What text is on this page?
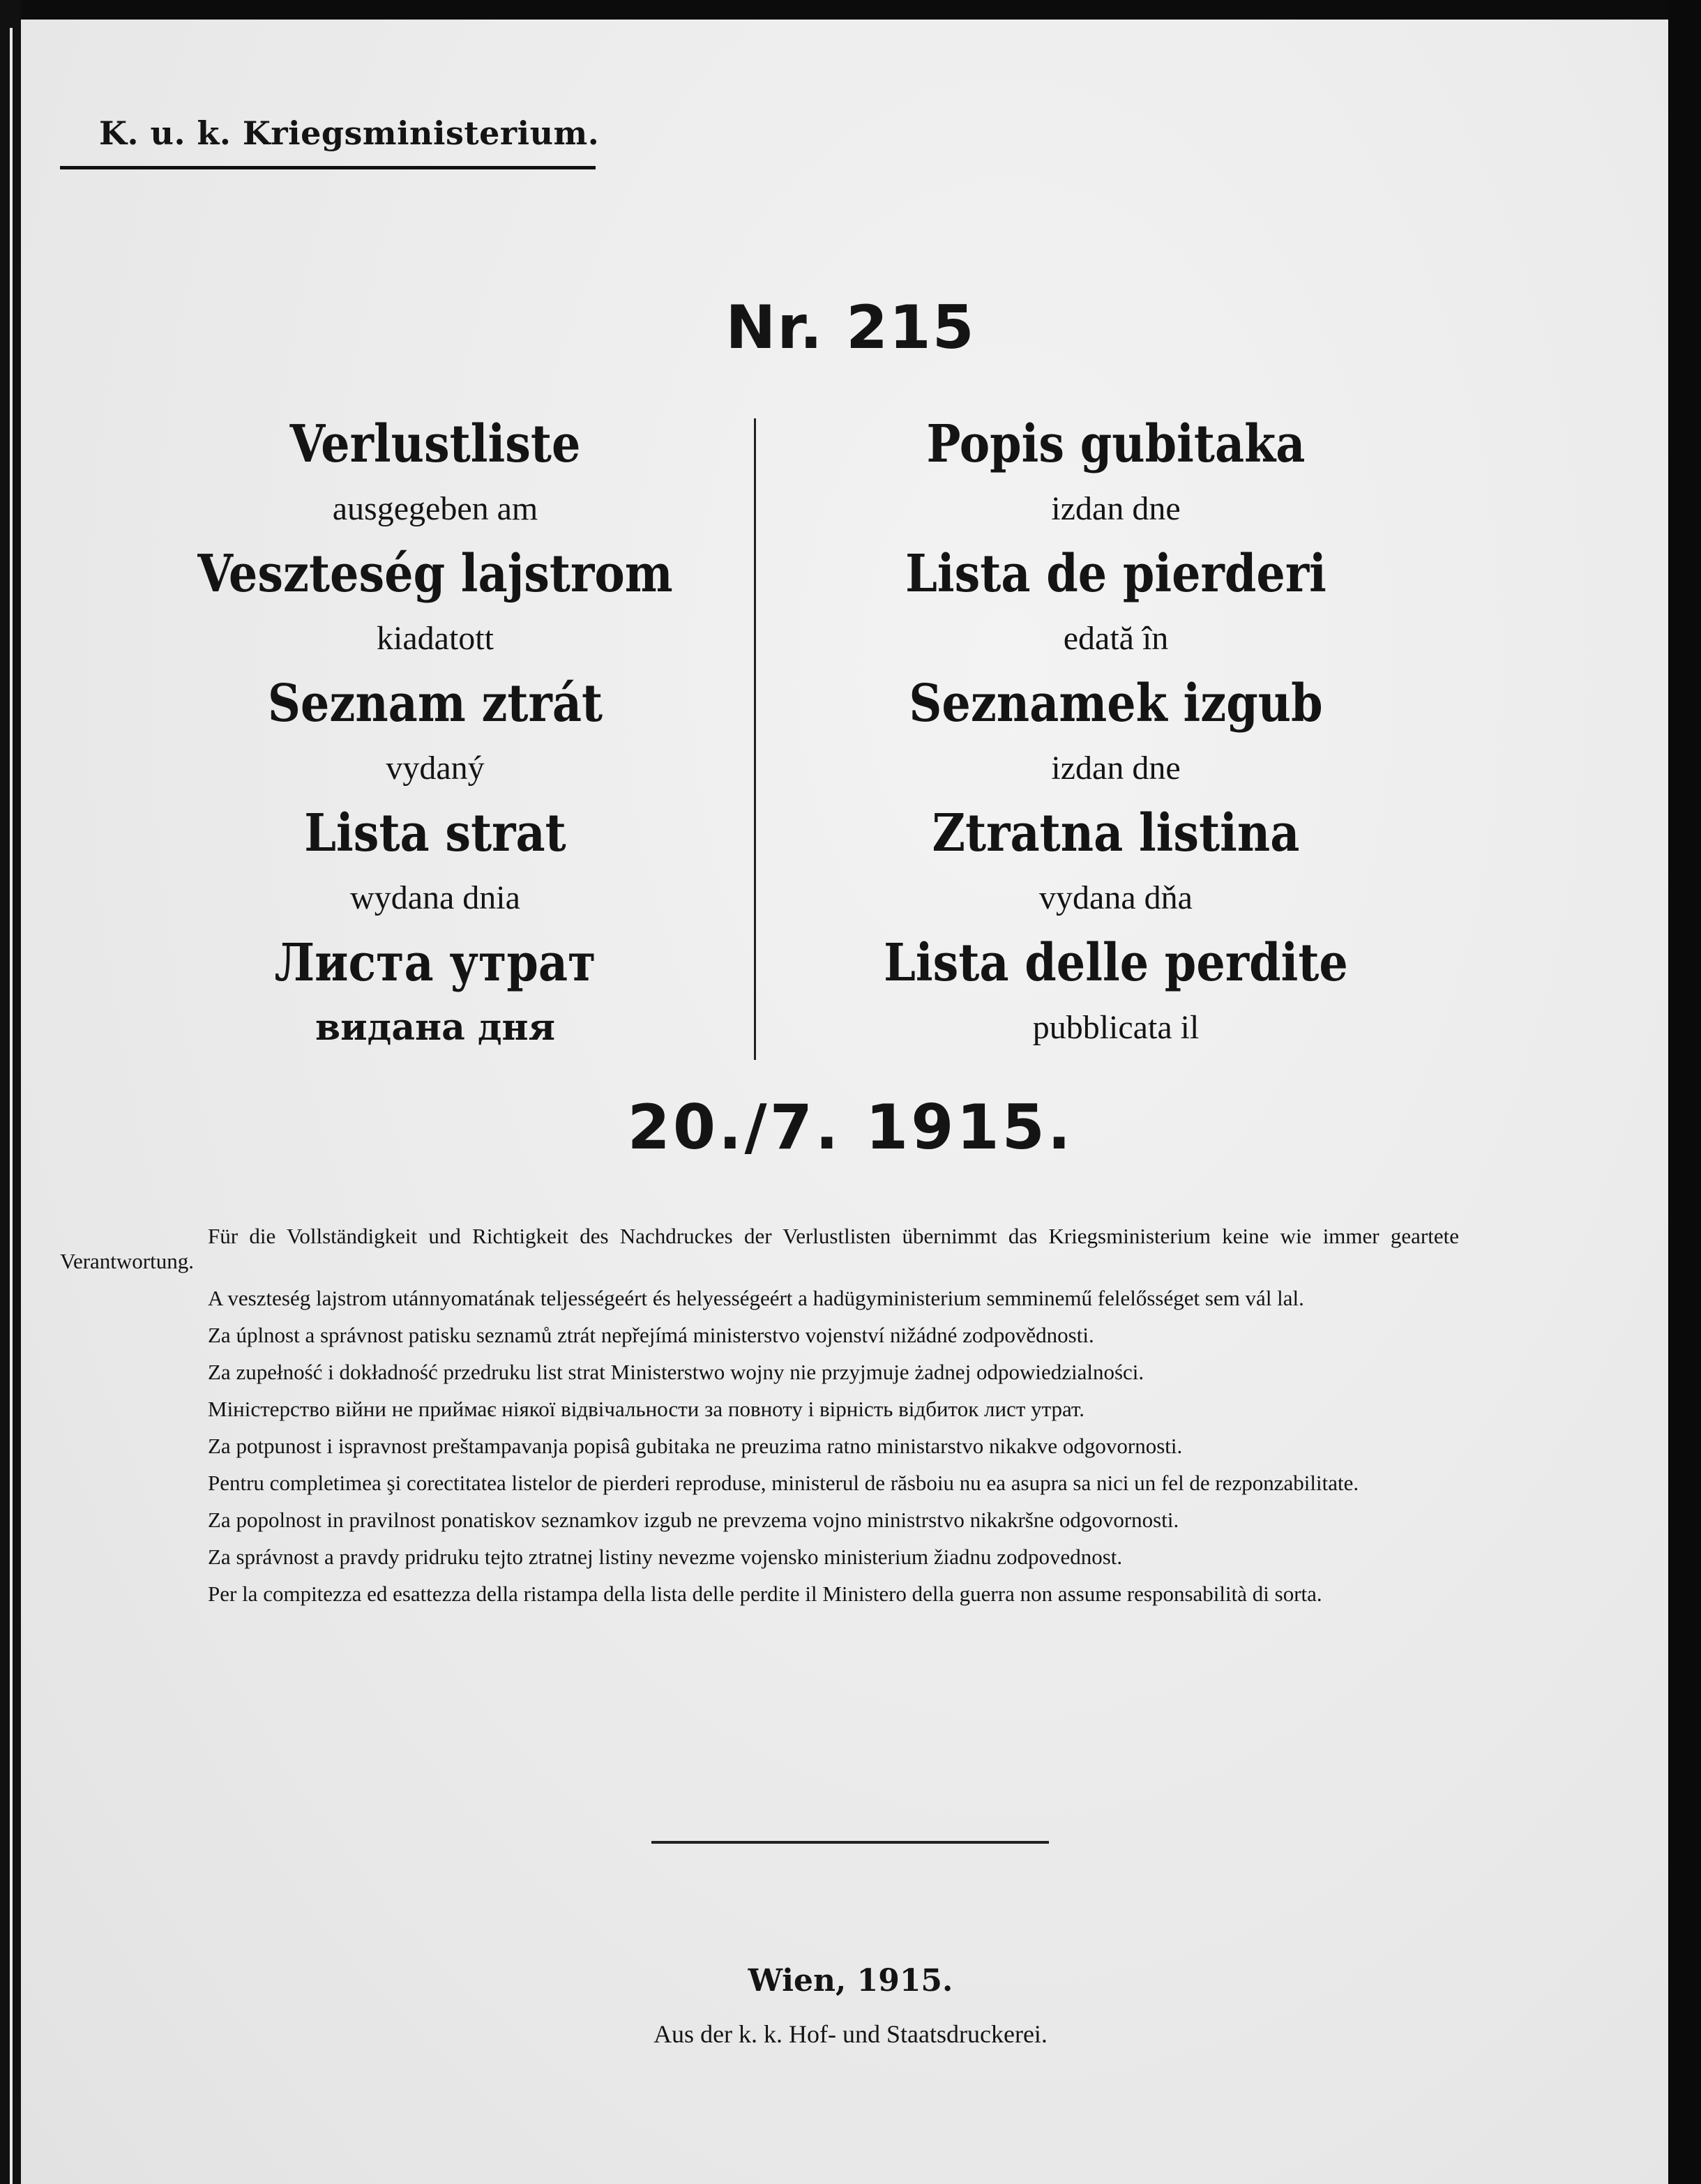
K. u. k. Kriegsministerium.
Nr. 215
Verlustliste
ausgegeben am
Veszteség lajstrom
kiadatott
Seznam ztrát
vydaný
Lista strat
wydana dnia
Листа утрат
видана дня
Popis gubitaka
izdan dne
Lista de pierderi
edată în
Seznamek izgub
izdan dne
Ztratna listina
vydana dňa
Lista delle perdite
pubblicata il
20./7. 1915.
Für die Vollständigkeit und Richtigkeit des Nachdruckes der Verlustlisten übernimmt das Kriegsministerium keine wie immer geartete Verantwortung.
A veszteség lajstrom utánnyomatának teljességeért és helyességeért a hadügyministerium semminemű felelősséget sem vál lal.
Za úplnost a správnost patisku seznamů ztrát nepřejímá ministerstvo vojenství nižádné zodpovědnosti.
Za zupełność i dokładność przedruku list strat Ministerstwo wojny nie przyjmuje żadnej odpowiedzialności.
Міністерство війни не приймає ніякої відвічальности за повноту і вірність відбиток лист утрат.
Za potpunost i ispravnost preštampavanja popisâ gubitaka ne preuzima ratno ministarstvo nikakve odgovornosti.
Pentru completimea şi corectitatea listelor de pierderi reproduse, ministerul de răsboiu nu ea asupra sa nici un fel de rezponzabilitate.
Za popolnost in pravilnost ponatiskov seznamkov izgub ne prevzema vojno ministrstvo nikakršne odgovornosti.
Za správnost a pravdy pridruku tejto ztratnej listiny nevezme vojensko ministerium žiadnu zodpovednost.
Per la compitezza ed esattezza della ristampa della lista delle perdite il Ministero della guerra non assume responsabilità di sorta.
Wien, 1915.
Aus der k. k. Hof- und Staatsdruckerei.
